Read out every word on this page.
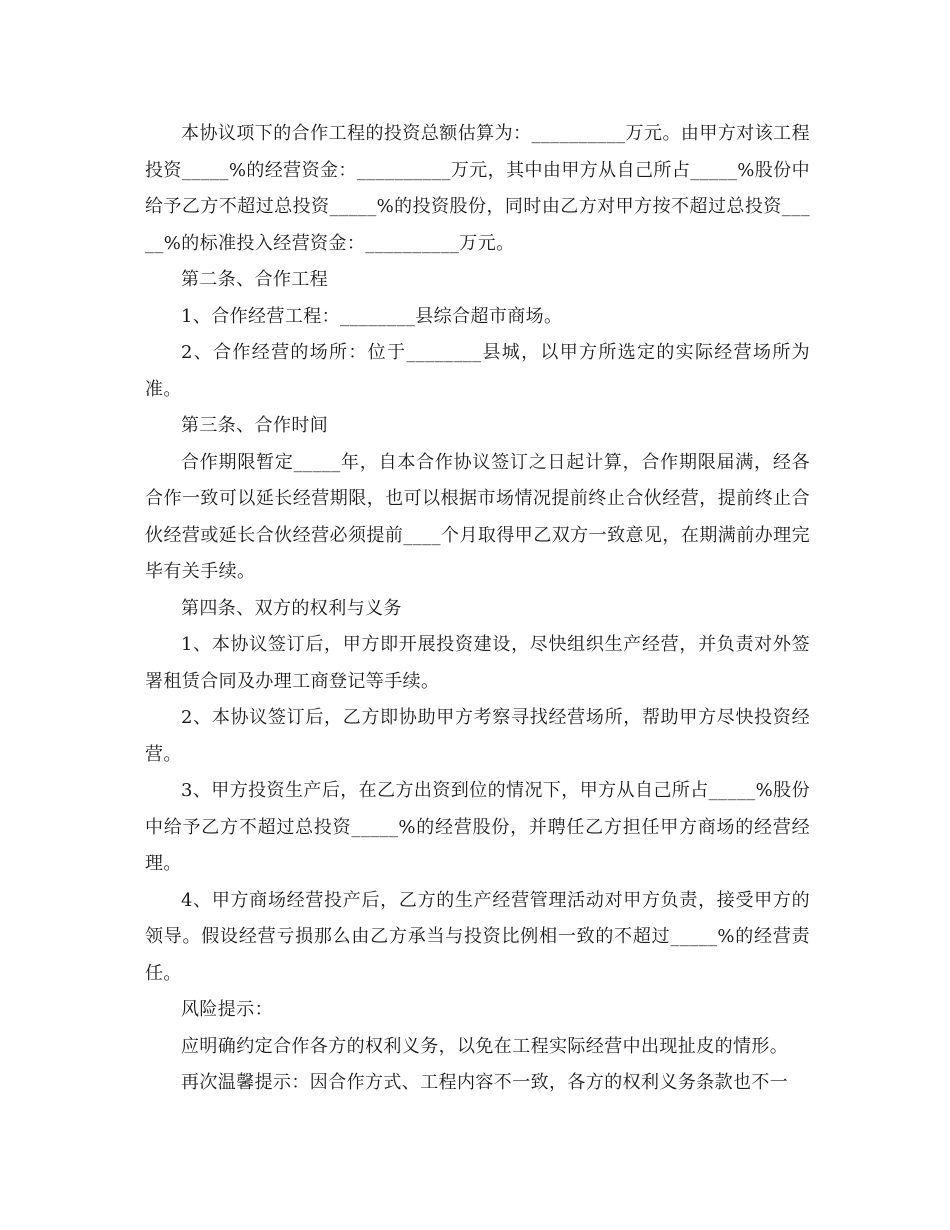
本协议项下的合作工程的投资总额估算为：__________万元。由甲方对该工程投资_____%的经营资金：__________万元，其中由甲方从自己所占_____%股份中给予乙方不超过总投资_____%的投资股份，同时由乙方对甲方按不超过总投资_____%的标准投入经营资金：__________万元。

第二条、合作工程

1、合作经营工程：________县综合超市商场。

2、合作经营的场所：位于________县城，以甲方所选定的实际经营场所为准。

第三条、合作时间

合作期限暂定_____年，自本合作协议签订之日起计算，合作期限届满，经各合作一致可以延长经营期限，也可以根据市场情况提前终止合伙经营，提前终止合伙经营或延长合伙经营必须提前____个月取得甲乙双方一致意见，在期满前办理完毕有关手续。

第四条、双方的权利与义务

1、本协议签订后，甲方即开展投资建设，尽快组织生产经营，并负责对外签署租赁合同及办理工商登记等手续。

2、本协议签订后，乙方即协助甲方考察寻找经营场所，帮助甲方尽快投资经营。

3、甲方投资生产后，在乙方出资到位的情况下，甲方从自己所占_____%股份中给予乙方不超过总投资_____%的经营股份，并聘任乙方担任甲方商场的经营经理。

4、甲方商场经营投产后，乙方的生产经营管理活动对甲方负责，接受甲方的领导。假设经营亏损那么由乙方承当与投资比例相一致的不超过_____%的经营责任。

风险提示：

应明确约定合作各方的权利义务，以免在工程实际经营中出现扯皮的情形。

再次温馨提示：因合作方式、工程内容不一致，各方的权利义务条款也不一
